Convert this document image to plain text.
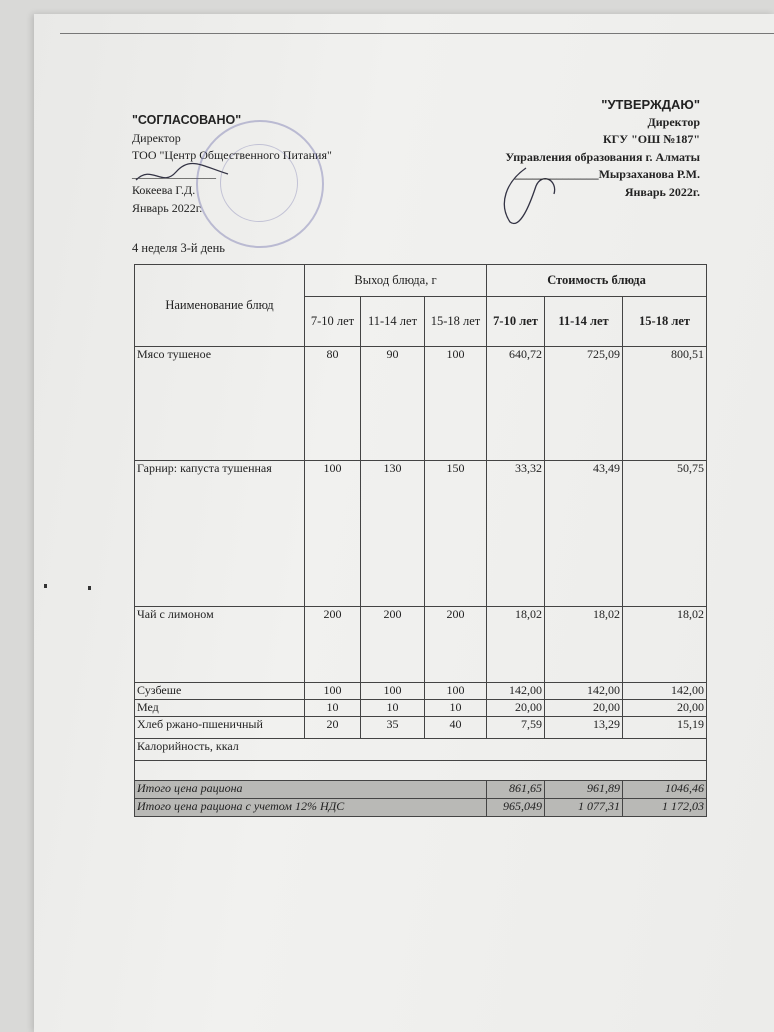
"СОГЛАСОВАНО"
Директор
ТОО "Центр Общественного Питания"
______________
Кокеева Г.Д.
Январь 2022г.
"УТВЕРЖДАЮ"
Директор
КГУ "ОШ №187"
Управления образования г. Алматы
______________Мырзаханова Р.М.
Январь 2022г.
4 неделя 3-й день
Наименование блюд	Выход блюда, г			Стоимость блюда		
	7-10 лет	11-14 лет	15-18 лет	7-10 лет	11-14 лет	15-18 лет
Мясо тушеное	80	90	100	640,72	725,09	800,51
Гарнир: капуста тушенная	100	130	150	33,32	43,49	50,75
Чай с лимоном	200	200	200	18,02	18,02	18,02
Сузбеше	100	100	100	142,00	142,00	142,00
Мед	10	10	10	20,00	20,00	20,00
Хлеб ржано-пшеничный	20	35	40	7,59	13,29	15,19
Калорийность, ккал						

Итого цена рациона				861,65	961,89	1046,46
Итого цена рациона с учетом 12% НДС				965,049	1 077,31	1 172,03
